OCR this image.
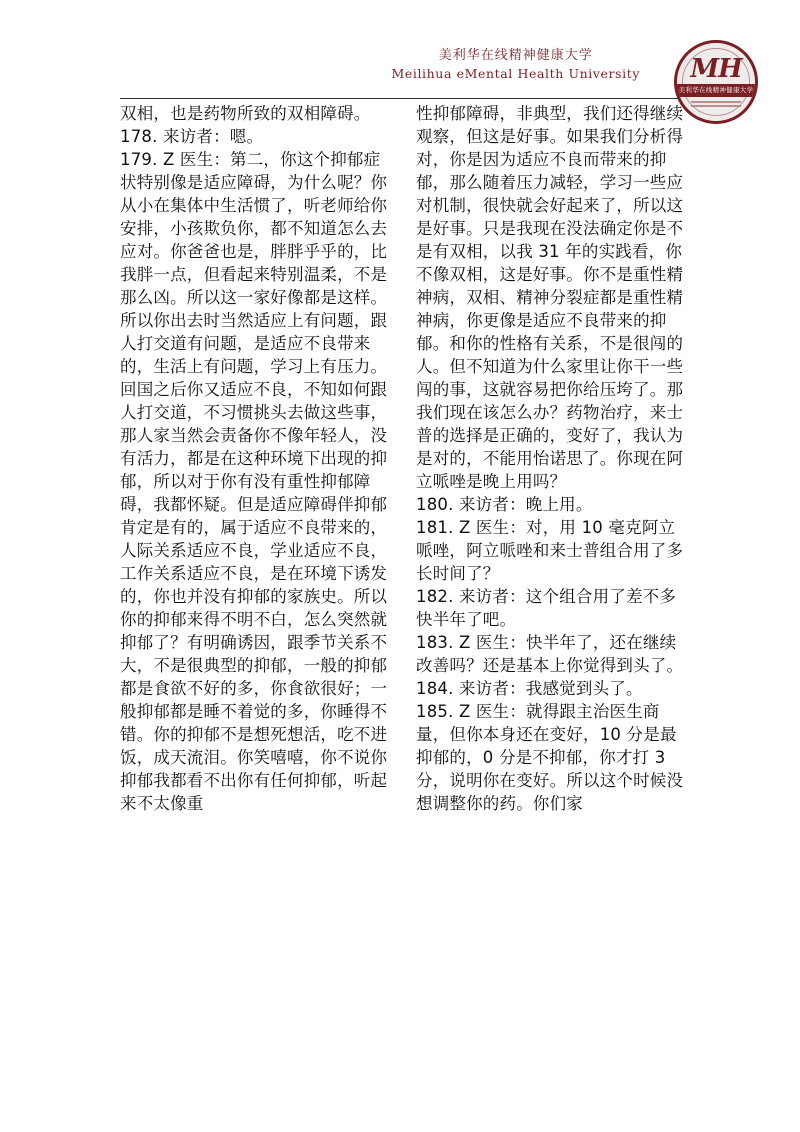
美利华在线精神健康大学
Meilihua eMental Health University	MH
美利华在线精神健康大学

双相，也是药物所致的双相障碍。

178. 来访者：嗯。

179. Z 医生：第二，你这个抑郁症状特别像是适应障碍，为什么呢？你从小在集体中生活惯了，听老师给你安排，小孩欺负你，都不知道怎么去应对。你爸爸也是，胖胖乎乎的，比我胖一点，但看起来特别温柔，不是那么凶。所以这一家好像都是这样。所以你出去时当然适应上有问题，跟人打交道有问题，是适应不良带来的，生活上有问题，学习上有压力。回国之后你又适应不良，不知如何跟人打交道，不习惯挑头去做这些事，那人家当然会责备你不像年轻人，没有活力，都是在这种环境下出现的抑郁，所以对于你有没有重性抑郁障碍，我都怀疑。但是适应障碍伴抑郁肯定是有的，属于适应不良带来的，人际关系适应不良，学业适应不良，工作关系适应不良，是在环境下诱发的，你也并没有抑郁的家族史。所以你的抑郁来得不明不白，怎么突然就抑郁了？有明确诱因，跟季节关系不大，不是很典型的抑郁，一般的抑郁都是食欲不好的多，你食欲很好；一般抑郁都是睡不着觉的多，你睡得不错。你的抑郁不是想死想活，吃不进饭，成天流泪。你笑嘻嘻，你不说你抑郁我都看不出你有任何抑郁，听起来不太像重

性抑郁障碍，非典型，我们还得继续观察，但这是好事。如果我们分析得对，你是因为适应不良而带来的抑郁，那么随着压力减轻，学习一些应对机制，很快就会好起来了，所以这是好事。只是我现在没法确定你是不是有双相，以我 31 年的实践看，你不像双相，这是好事。你不是重性精神病，双相、精神分裂症都是重性精神病，你更像是适应不良带来的抑郁。和你的性格有关系，不是很闯的人。但不知道为什么家里让你干一些闯的事，这就容易把你给压垮了。那我们现在该怎么办？药物治疗，来士普的选择是正确的，变好了，我认为是对的，不能用怡诺思了。你现在阿立哌唑是晚上用吗？

180. 来访者：晚上用。

181. Z 医生：对，用 10 毫克阿立哌唑，阿立哌唑和来士普组合用了多长时间了？

182. 来访者：这个组合用了差不多快半年了吧。

183. Z 医生：快半年了，还在继续改善吗？还是基本上你觉得到头了。

184. 来访者：我感觉到头了。

185. Z 医生：就得跟主治医生商量，但你本身还在变好，10 分是最抑郁的，0 分是不抑郁，你才打 3 分，说明你在变好。所以这个时候没想调整你的药。你们家
